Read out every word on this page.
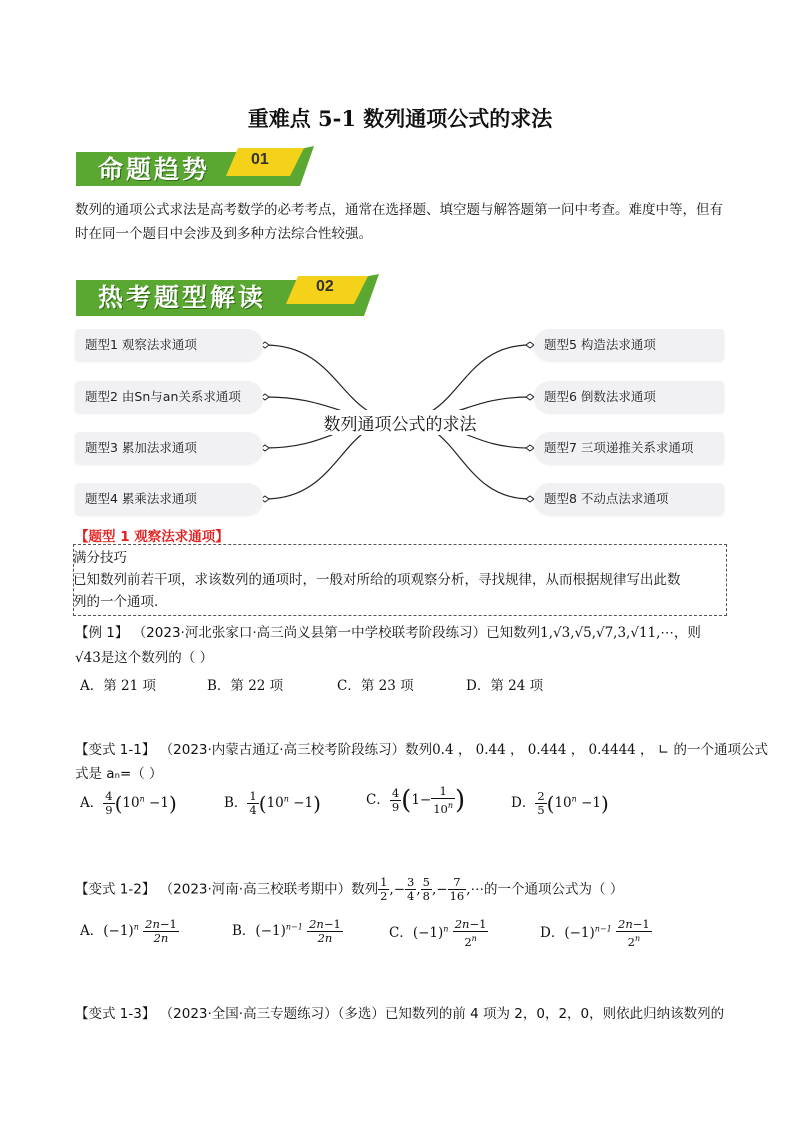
重难点 5-1 数列通项公式的求法
命题趋势	01
数列的通项公式求法是高考数学的必考考点，通常在选择题、填空题与解答题第一问中考查。难度中等，但有时在同一个题目中会涉及到多种方法综合性较强。
热考题型解读	02
数列通项公式的求法
题型1 观察法求通项
题型2 由Sn与an关系求通项
题型3 累加法求通项
题型4 累乘法求通项
题型5 构造法求通项
题型6 倒数法求通项
题型7 三项递推关系求通项
题型8 不动点法求通项
【题型 1 观察法求通项】
满分技巧
已知数列前若干项，求该数列的通项时，一般对所给的项观察分析，寻找规律，从而根据规律写出此数
列的一个通项.
【例 1】 （2023·河北张家口·高三尚义县第一中学校联考阶段练习）已知数列1,√3,√5,√7,3,√11,⋯，则
√43是这个数列的（ ）
A．第 21 项	B．第 22 项	C．第 23 项	D．第 24 项
【变式 1-1】 （2023·内蒙古通辽·高三校考阶段练习）数列0.4 ， 0.44 ， 0.444 ， 0.4444 ， ∟ 的一个通项公式
式是 aₙ=（ ）
A． $\frac{4}{9} (10^n -1)$	B． $\frac{1}{4} (10^n -1)$	C． $\frac{4}{9} (1- \frac{1}{10^n}$ )	D． $\frac{2}{5} (10^n -1)$
【变式 1-2】 （2023·河南·高三校联考期中）数列 $\frac{1}{2}$ ,− $\frac{3}{4}$ , $\frac{5}{8}$ ,− $\frac{7}{16}$ ,⋯的一个通项公式为（ ）
A．$(-1)^n \frac{2n-1}{2n}$	B．$(-1)^{n-1} \frac{2n-1}{2n}$	C．$(-1)^n \frac{2n-1}{2^n}$	D．$(-1)^{n-1} \frac{2n-1}{2^n}$
【变式 1-3】 （2023·全国·高三专题练习）（多选）已知数列的前 4 项为 2，0，2，0，则依此归纳该数列的
